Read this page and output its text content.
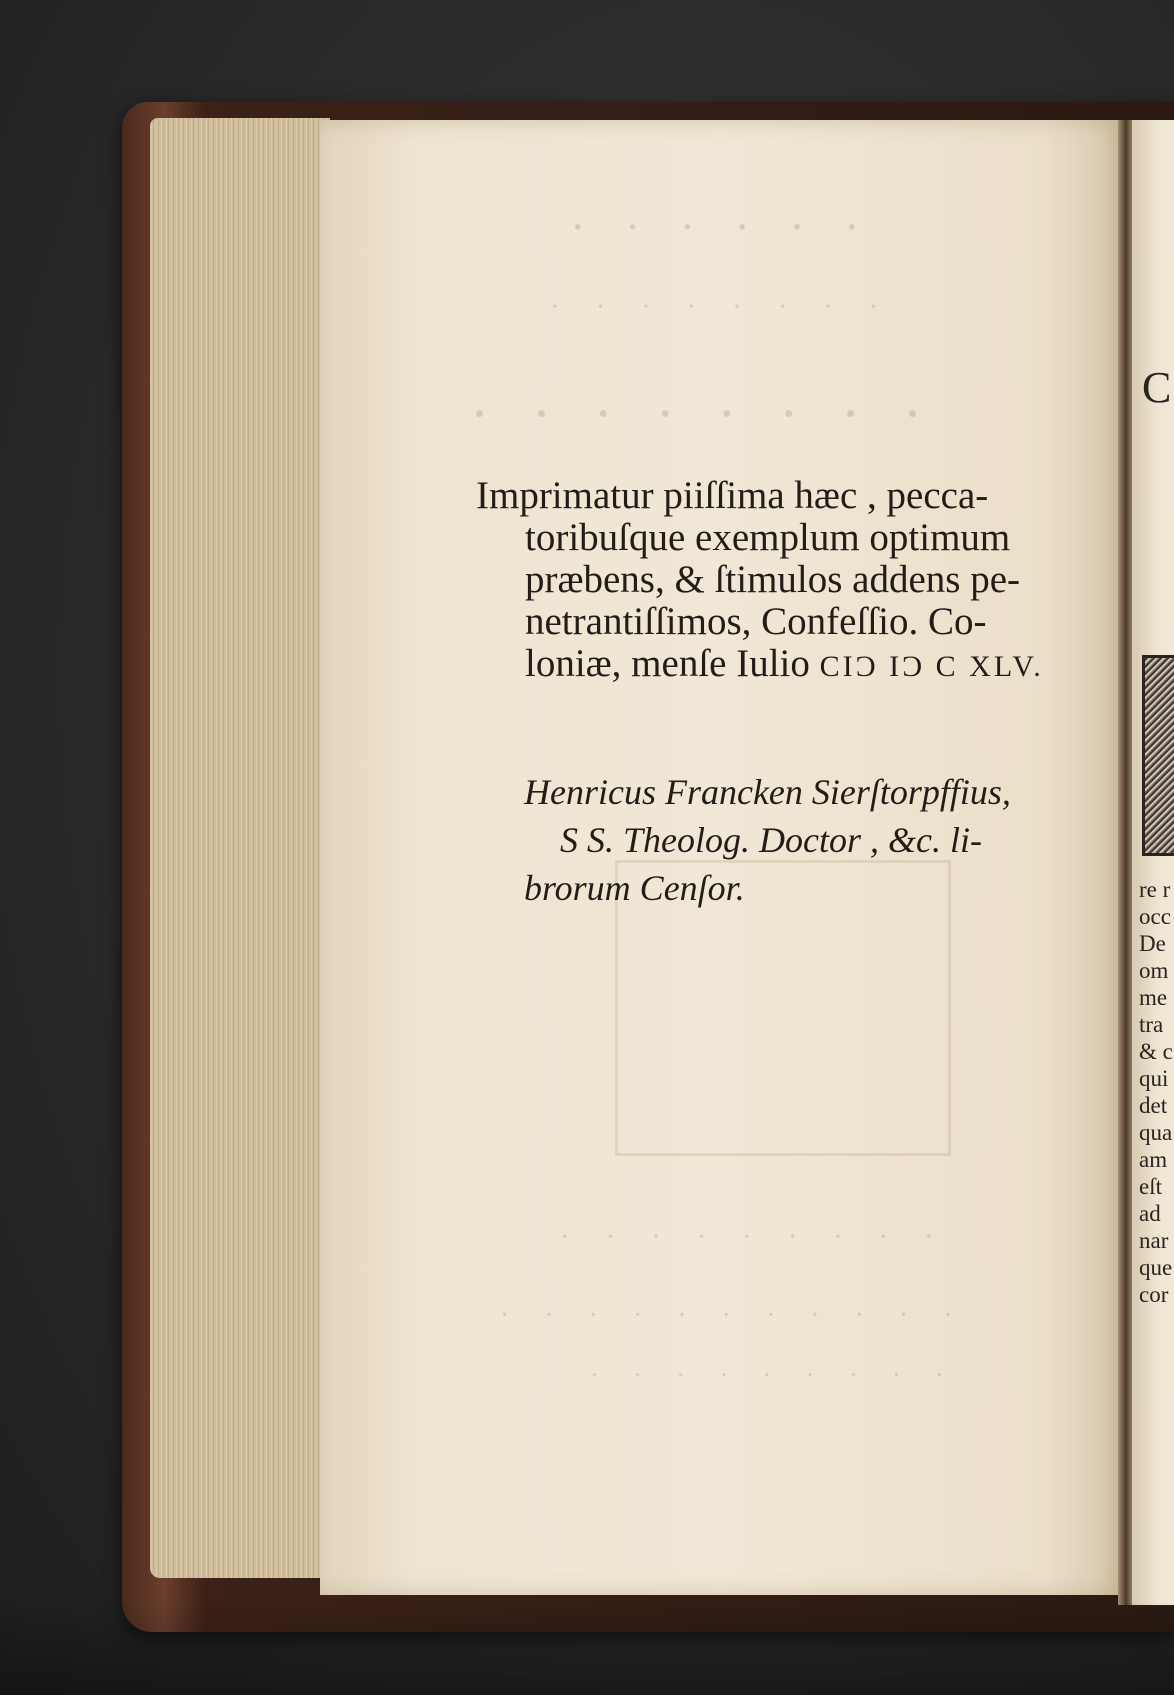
· · · · · ·
· · · · · · · ·
· · · · · · · ·
· · · · · · · · ·
· · · · · · · · · · ·
· · · · · · · · ·
Imprimatur piiſſima hæc , pecca-
toribuſque exemplum optimum
præbens, & ſtimulos addens pe-
netrantiſſimos, Confeſſio. Co-
loniæ, menſe Iulio CIƆ IƆ C XLV.
Henricus Francken Sierſtorpffius,
S S. Theolog. Doctor , &c. li-
brorum Cenſor.
C
re r
occ
De
om
me
tra
& c
qui
det
qua
am
eſt
ad
nar
que
cor
